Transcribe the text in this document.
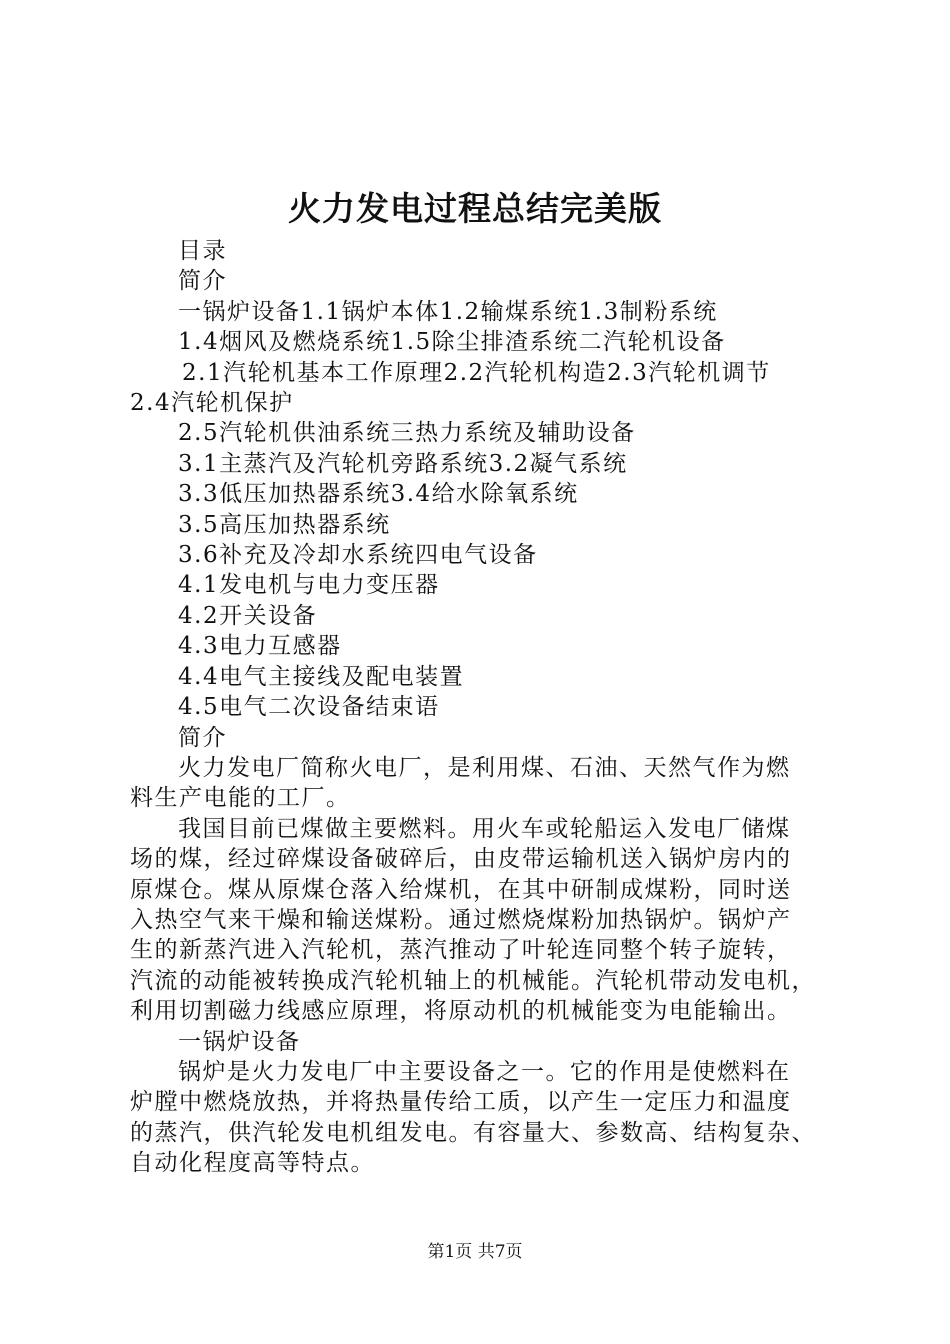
火力发电过程总结完美版
目录
简介
一锅炉设备1.1锅炉本体1.2输煤系统1.3制粉系统
1.4烟风及燃烧系统1.5除尘排渣系统二汽轮机设备
2.1汽轮机基本工作原理2.2汽轮机构造2.3汽轮机调节
2.4汽轮机保护
2.5汽轮机供油系统三热力系统及辅助设备
3.1主蒸汽及汽轮机旁路系统3.2凝气系统
3.3低压加热器系统3.4给水除氧系统
3.5高压加热器系统
3.6补充及冷却水系统四电气设备
4.1发电机与电力变压器
4.2开关设备
4.3电力互感器
4.4电气主接线及配电装置
4.5电气二次设备结束语
简介
火力发电厂简称火电厂，是利用煤、石油、天然气作为燃
料生产电能的工厂。
我国目前已煤做主要燃料。用火车或轮船运入发电厂储煤
场的煤，经过碎煤设备破碎后，由皮带运输机送入锅炉房内的
原煤仓。煤从原煤仓落入给煤机，在其中研制成煤粉，同时送
入热空气来干燥和输送煤粉。通过燃烧煤粉加热锅炉。锅炉产
生的新蒸汽进入汽轮机，蒸汽推动了叶轮连同整个转子旋转，
汽流的动能被转换成汽轮机轴上的机械能。汽轮机带动发电机，
利用切割磁力线感应原理，将原动机的机械能变为电能输出。
一锅炉设备
锅炉是火力发电厂中主要设备之一。它的作用是使燃料在
炉膛中燃烧放热，并将热量传给工质，以产生一定压力和温度
的蒸汽，供汽轮发电机组发电。有容量大、参数高、结构复杂、
自动化程度高等特点。
第1页 共7页
